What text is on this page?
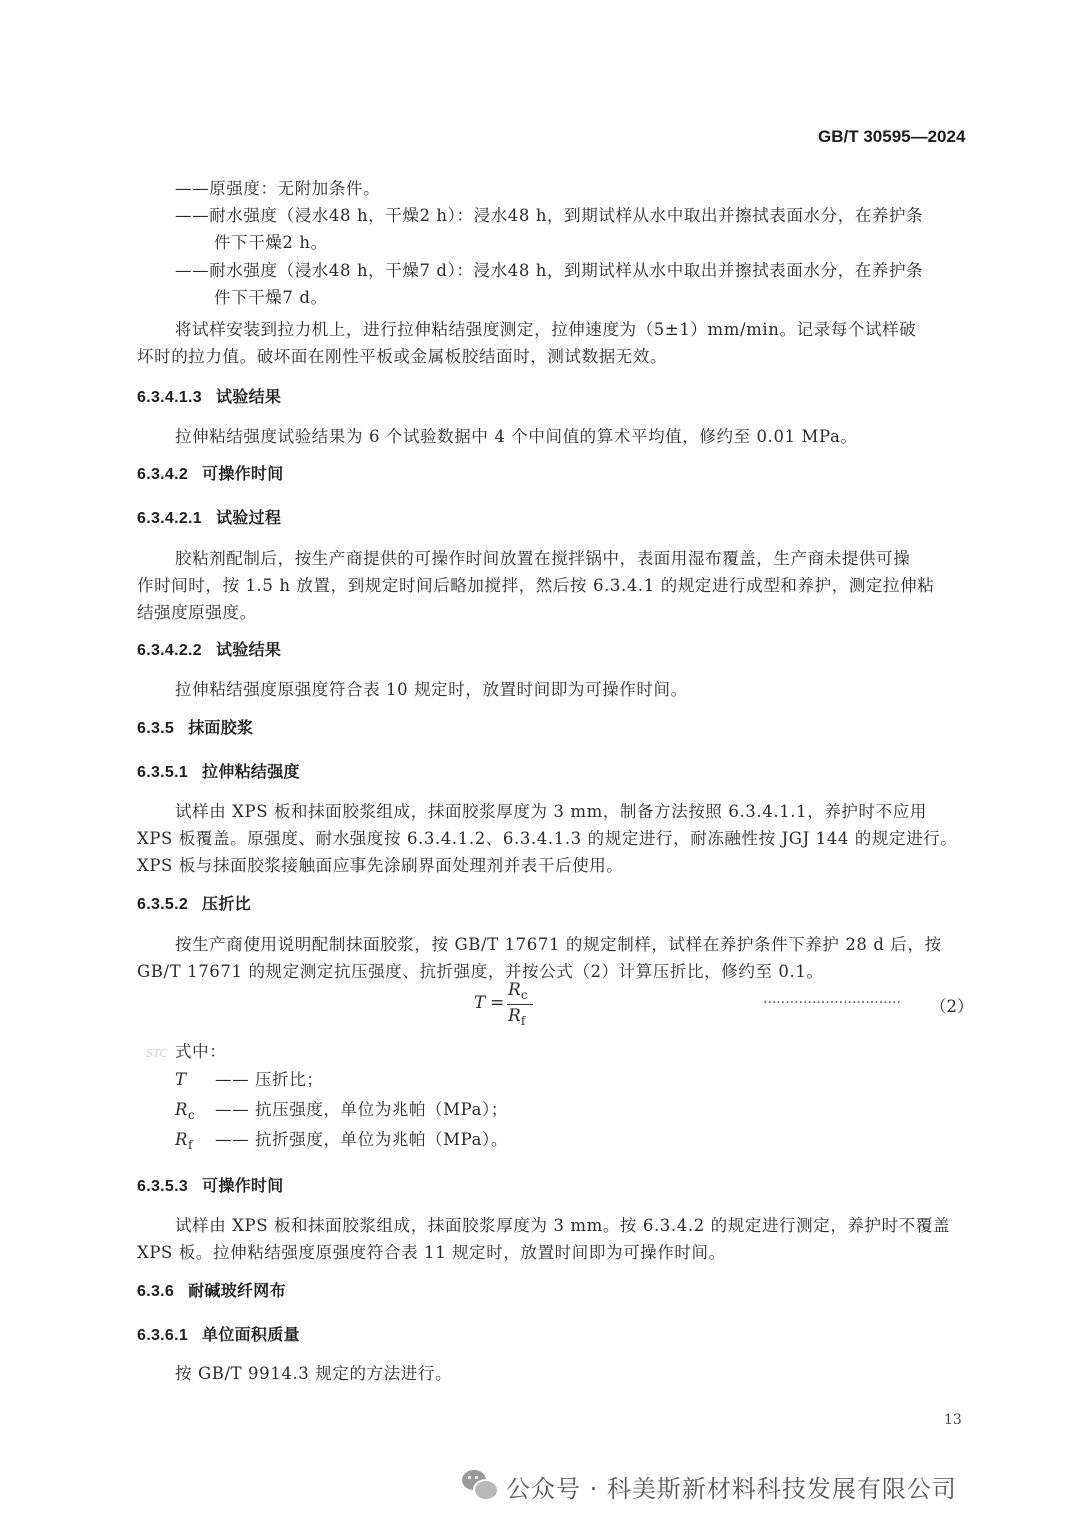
GB/T 30595—2024
——原强度：无附加条件。
——耐水强度（浸水48 h，干燥2 h）：浸水48 h，到期试样从水中取出并擦拭表面水分，在养护条
件下干燥2 h。
——耐水强度（浸水48 h，干燥7 d）：浸水48 h，到期试样从水中取出并擦拭表面水分，在养护条
件下干燥7 d。
将试样安装到拉力机上，进行拉伸粘结强度测定，拉伸速度为（5±1）mm/min。记录每个试样破
坏时的拉力值。破坏面在刚性平板或金属板胶结面时，测试数据无效。
6.3.4.1.3 试验结果
拉伸粘结强度试验结果为 6 个试验数据中 4 个中间值的算术平均值，修约至 0.01 MPa。
6.3.4.2 可操作时间
6.3.4.2.1 试验过程
胶粘剂配制后，按生产商提供的可操作时间放置在搅拌锅中，表面用湿布覆盖，生产商未提供可操
作时间时，按 1.5 h 放置，到规定时间后略加搅拌，然后按 6.3.4.1 的规定进行成型和养护，测定拉伸粘
结强度原强度。
6.3.4.2.2 试验结果
拉伸粘结强度原强度符合表 10 规定时，放置时间即为可操作时间。
6.3.5 抹面胶浆
6.3.5.1 拉伸粘结强度
试样由 XPS 板和抹面胶浆组成，抹面胶浆厚度为 3 mm，制备方法按照 6.3.4.1.1，养护时不应用
XPS 板覆盖。原强度、耐水强度按 6.3.4.1.2、6.3.4.1.3 的规定进行，耐冻融性按 JGJ 144 的规定进行。
XPS 板与抹面胶浆接触面应事先涂刷界面处理剂并表干后使用。
6.3.5.2 压折比
按生产商使用说明配制抹面胶浆，按 GB/T 17671 的规定制样，试样在养护条件下养护 28 d 后，按
GB/T 17671 的规定测定抗压强度、抗折强度，并按公式（2）计算压折比，修约至 0.1。
T =
$R_c$
$R_f$
······························· （2）
STC 式中：
T —— 压折比；
$R_c$ —— 抗压强度，单位为兆帕（MPa）；
$R_f$ —— 抗折强度，单位为兆帕（MPa）。
6.3.5.3 可操作时间
试样由 XPS 板和抹面胶浆组成，抹面胶浆厚度为 3 mm。按 6.3.4.2 的规定进行测定，养护时不覆盖
XPS 板。拉伸粘结强度原强度符合表 11 规定时，放置时间即为可操作时间。
6.3.6 耐碱玻纤网布
6.3.6.1 单位面积质量
按 GB/T 9914.3 规定的方法进行。
13
公众号 · 科美斯新材料科技发展有限公司
